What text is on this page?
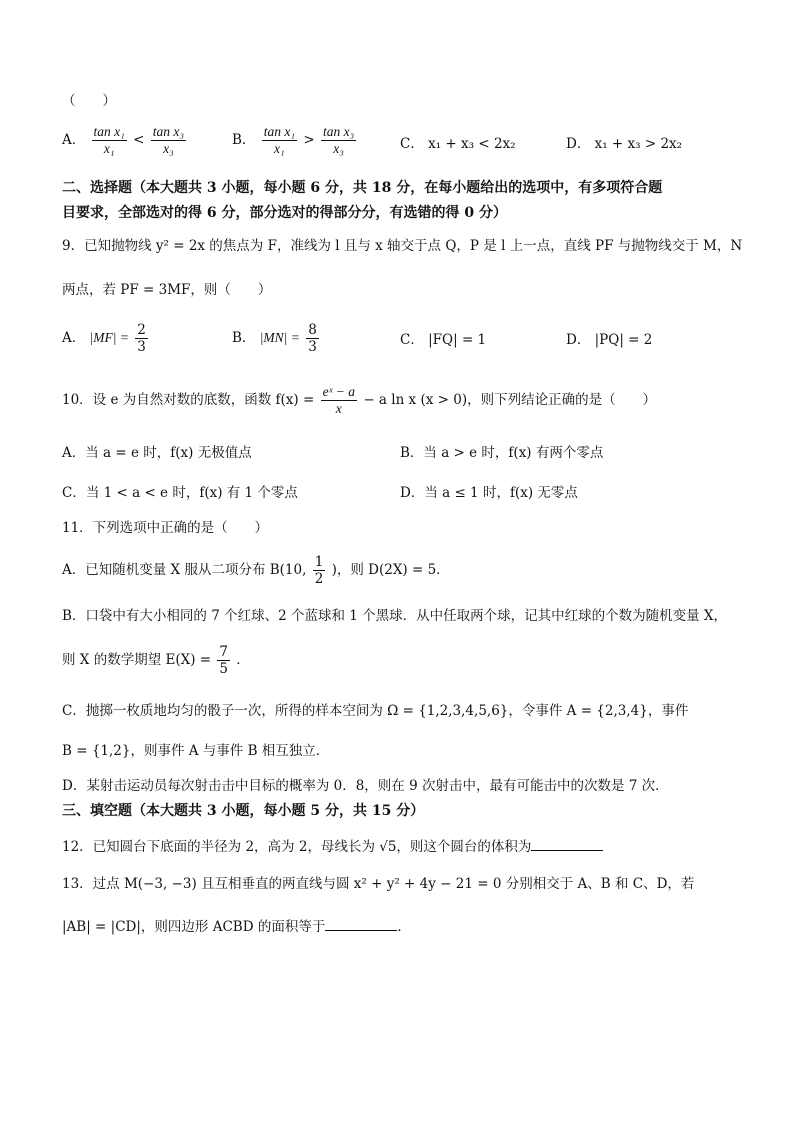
（　　）
A． $\frac{\text{tan x₁}}{\text{x₁}} < \frac{\text{tan x₃}}{\text{x₃}}$	B． $\frac{\text{tan x₁}}{\text{x₁}} > \frac{\text{tan x₃}}{\text{x₃}}$	C． x₁ + x₃ < 2x₂	D． x₁ + x₃ > 2x₂
二、选择题（本大题共 3 小题，每小题 6 分，共 18 分，在每小题给出的选项中，有多项符合题
目要求，全部选对的得 6 分，部分选对的得部分分，有选错的得 0 分）
9．已知抛物线 y² = 2x 的焦点为 F，准线为 l 且与 x 轴交于点 Q，P 是 l 上一点，直线 PF 与抛物线交于 M，N
两点，若 PF = 3MF，则（　　）
A． $|MF| = \frac{2}{3}$	B． $|MN| = \frac{8}{3}$	C． |FQ| = 1	D． |PQ| = 2
10．设 e 为自然对数的底数，函数 $f(x) = \frac{\text{eˣ − a}}{x} - a$ ln x (x > 0)，则下列结论正确的是（　　）
A．当 a = e 时，f(x) 无极值点	B．当 a > e 时，f(x) 有两个零点
C．当 1 < a < e 时，f(x) 有 1 个零点	D．当 a ≤ 1 时，f(x) 无零点
11．下列选项中正确的是（　　）
A．已知随机变量 X 服从二项分布 B(10, $\frac{1}{2}$ )，则 D(2X) = 5．
B．口袋中有大小相同的 7 个红球、2 个蓝球和 1 个黑球．从中任取两个球，记其中红球的个数为随机变量 X，
则 X 的数学期望 $E(X) = \frac{7}{5}$ ．
C．抛掷一枚质地均匀的骰子一次，所得的样本空间为 Ω = {1,2,3,4,5,6}，令事件 A = {2,3,4}，事件
B = {1,2}，则事件 A 与事件 B 相互独立．
D．某射击运动员每次射击击中目标的概率为 0．8，则在 9 次射击中，最有可能击中的次数是 7 次．
三、填空题（本大题共 3 小题，每小题 5 分，共 15 分）
12．已知圆台下底面的半径为 2，高为 2，母线长为 √5，则这个圆台的体积为
13．过点 M(−3, −3) 且互相垂直的两直线与圆 x² + y² + 4y − 21 = 0 分别相交于 A、B 和 C、D，若
|AB| = |CD|，则四边形 ACBD 的面积等于	．
